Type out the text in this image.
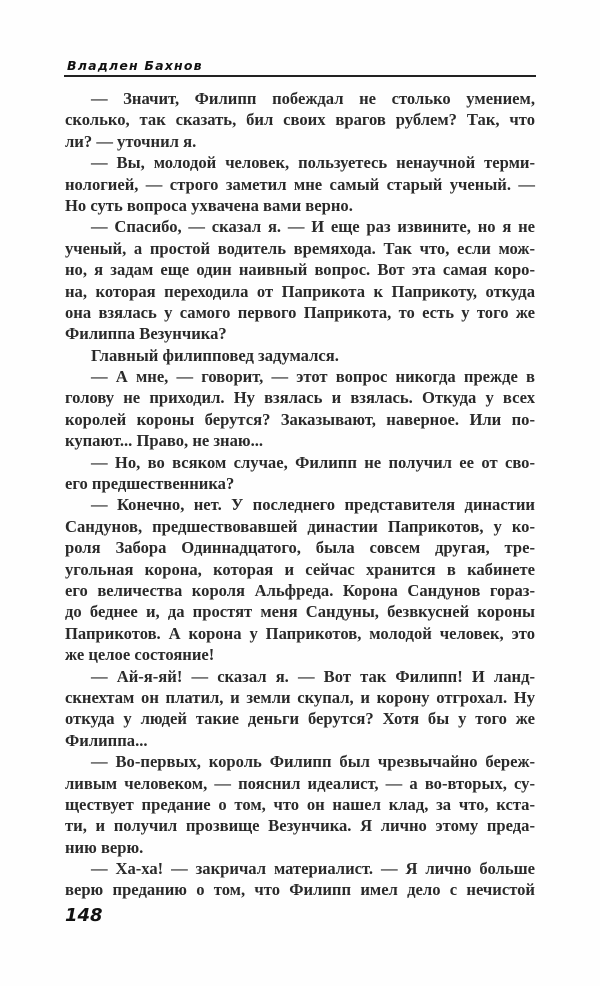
Владлен Бахнов
— Значит, Филипп побеждал не столько умением,
сколько, так сказать, бил своих врагов рублем? Так, что
ли? — уточнил я.
— Вы, молодой человек, пользуетесь ненаучной терми-
нологией, — строго заметил мне самый старый ученый. —
Но суть вопроса ухвачена вами верно.
— Спасибо, — сказал я. — И еще раз извините, но я не
ученый, а простой водитель времяхода. Так что, если мож-
но, я задам еще один наивный вопрос. Вот эта самая коро-
на, которая переходила от Паприкота к Паприкоту, откуда
она взялась у самого первого Паприкота, то есть у того же
Филиппа Везунчика?
Главный филипповед задумался.
— А мне, — говорит, — этот вопрос никогда прежде в
голову не приходил. Ну взялась и взялась. Откуда у всех
королей короны берутся? Заказывают, наверное. Или по-
купают... Право, не знаю...
— Но, во всяком случае, Филипп не получил ее от сво-
его предшественника?
— Конечно, нет. У последнего представителя династии
Сандунов, предшествовавшей династии Паприкотов, у ко-
роля Забора Одиннадцатого, была совсем другая, тре-
угольная корона, которая и сейчас хранится в кабинете
его величества короля Альфреда. Корона Сандунов горaз-
до беднее и, да простят меня Сандуны, безвкусней короны
Паприкотов. А корона у Паприкотов, молодой человек, это
же целое состояние!
— Ай-я-яй! — сказал я. — Вот так Филипп! И ланд-
скнехтам он платил, и земли скупал, и корону отгрохал. Ну
откуда у людей такие деньги берутся? Хотя бы у того же
Филиппа...
— Во-первых, король Филипп был чрезвычайно береж-
ливым человеком, — пояснил идеалист, — а во-вторых, су-
ществует предание о том, что он нашел клад, за что, кста-
ти, и получил прозвище Везунчика. Я лично этому преда-
нию верю.
— Ха-ха! — закричал материалист. — Я лично больше
верю преданию о том, что Филипп имел дело с нечистой
148
